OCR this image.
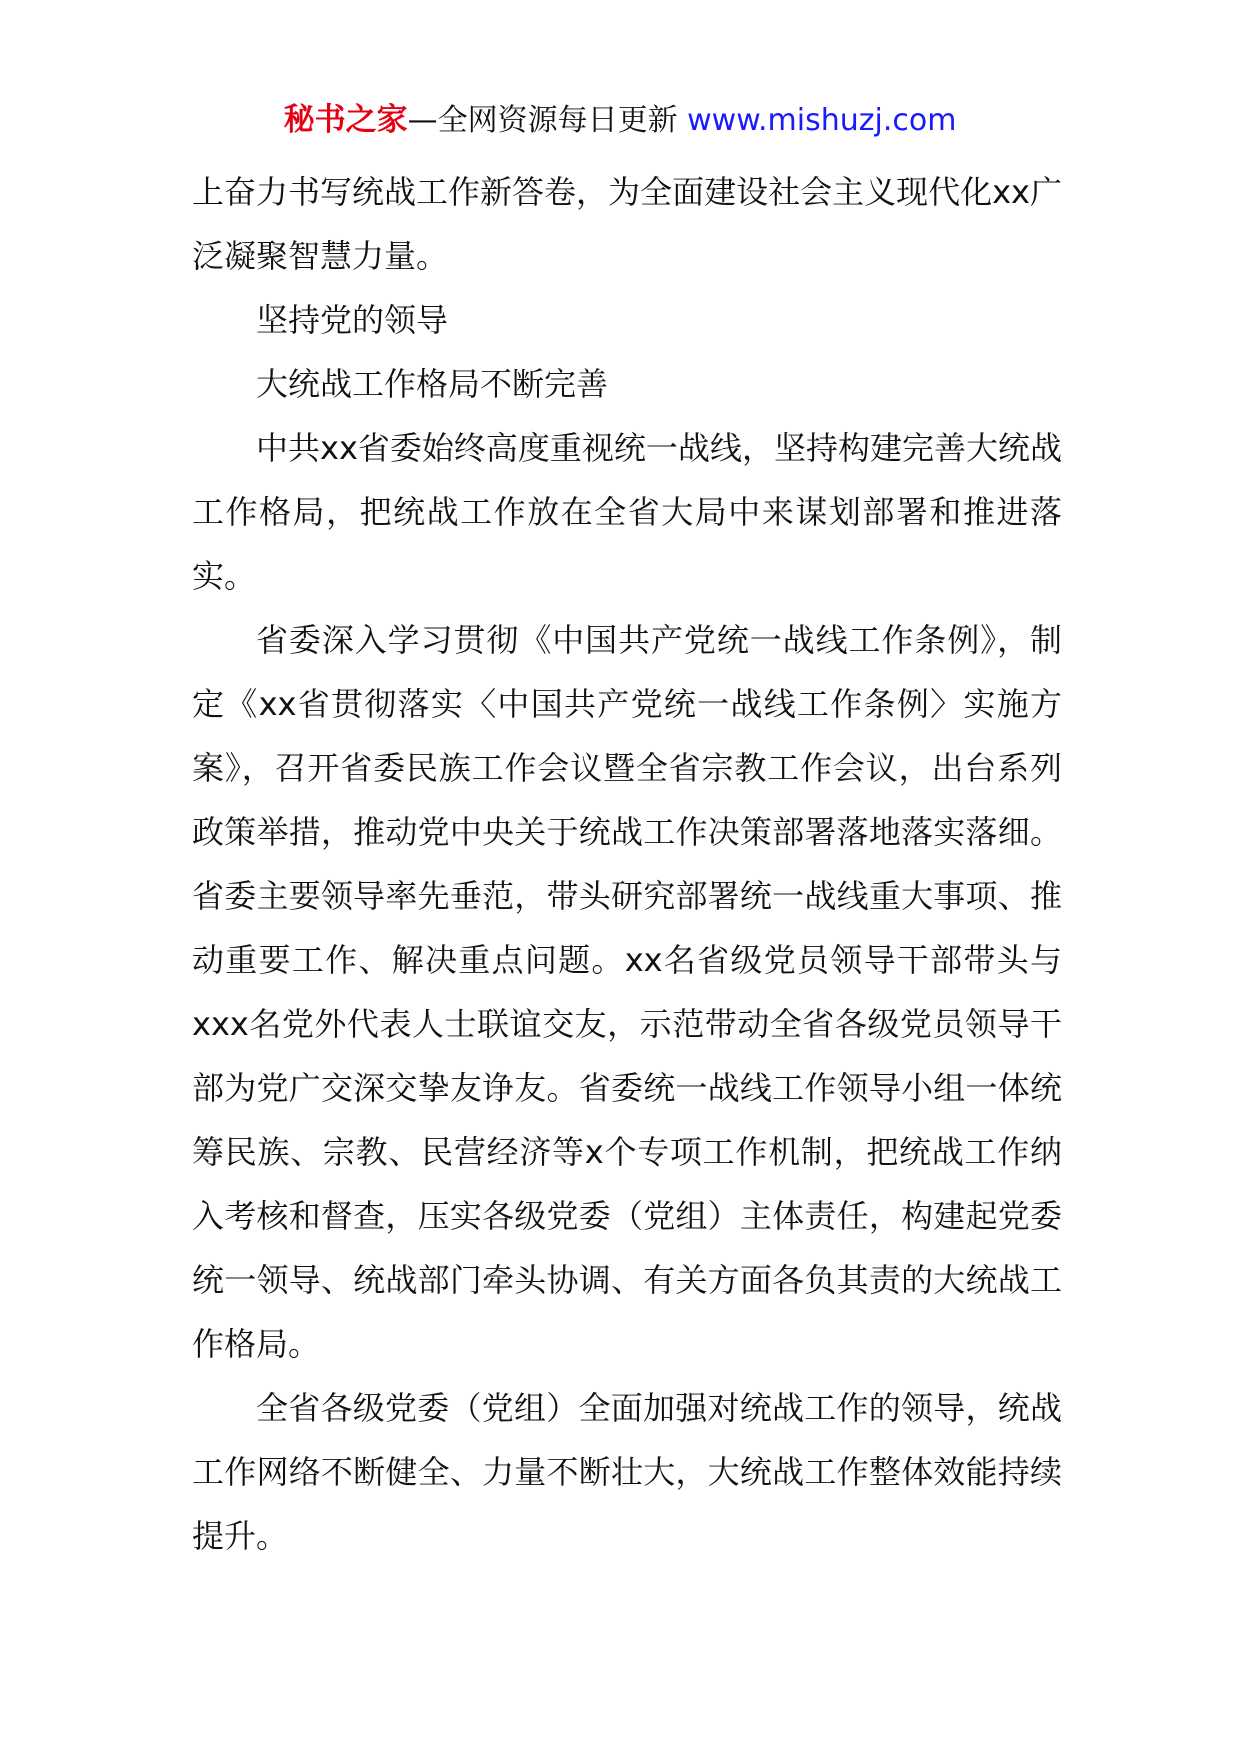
秘书之家—全网资源每日更新 www.mishuzj.com

上奋力书写统战工作新答卷，为全面建设社会主义现代化xx广泛凝聚智慧力量。

坚持党的领导

大统战工作格局不断完善

中共xx省委始终高度重视统一战线，坚持构建完善大统战工作格局，把统战工作放在全省大局中来谋划部署和推进落实。

省委深入学习贯彻《中国共产党统一战线工作条例》，制定《xx省贯彻落实〈中国共产党统一战线工作条例〉实施方案》，召开省委民族工作会议暨全省宗教工作会议，出台系列政策举措，推动党中央关于统战工作决策部署落地落实落细。省委主要领导率先垂范，带头研究部署统一战线重大事项、推动重要工作、解决重点问题。xx名省级党员领导干部带头与xxx名党外代表人士联谊交友，示范带动全省各级党员领导干部为党广交深交挚友诤友。省委统一战线工作领导小组一体统筹民族、宗教、民营经济等x个专项工作机制，把统战工作纳入考核和督查，压实各级党委（党组）主体责任，构建起党委统一领导、统战部门牵头协调、有关方面各负其责的大统战工作格局。

全省各级党委（党组）全面加强对统战工作的领导，统战工作网络不断健全、力量不断壮大，大统战工作整体效能持续提升。
